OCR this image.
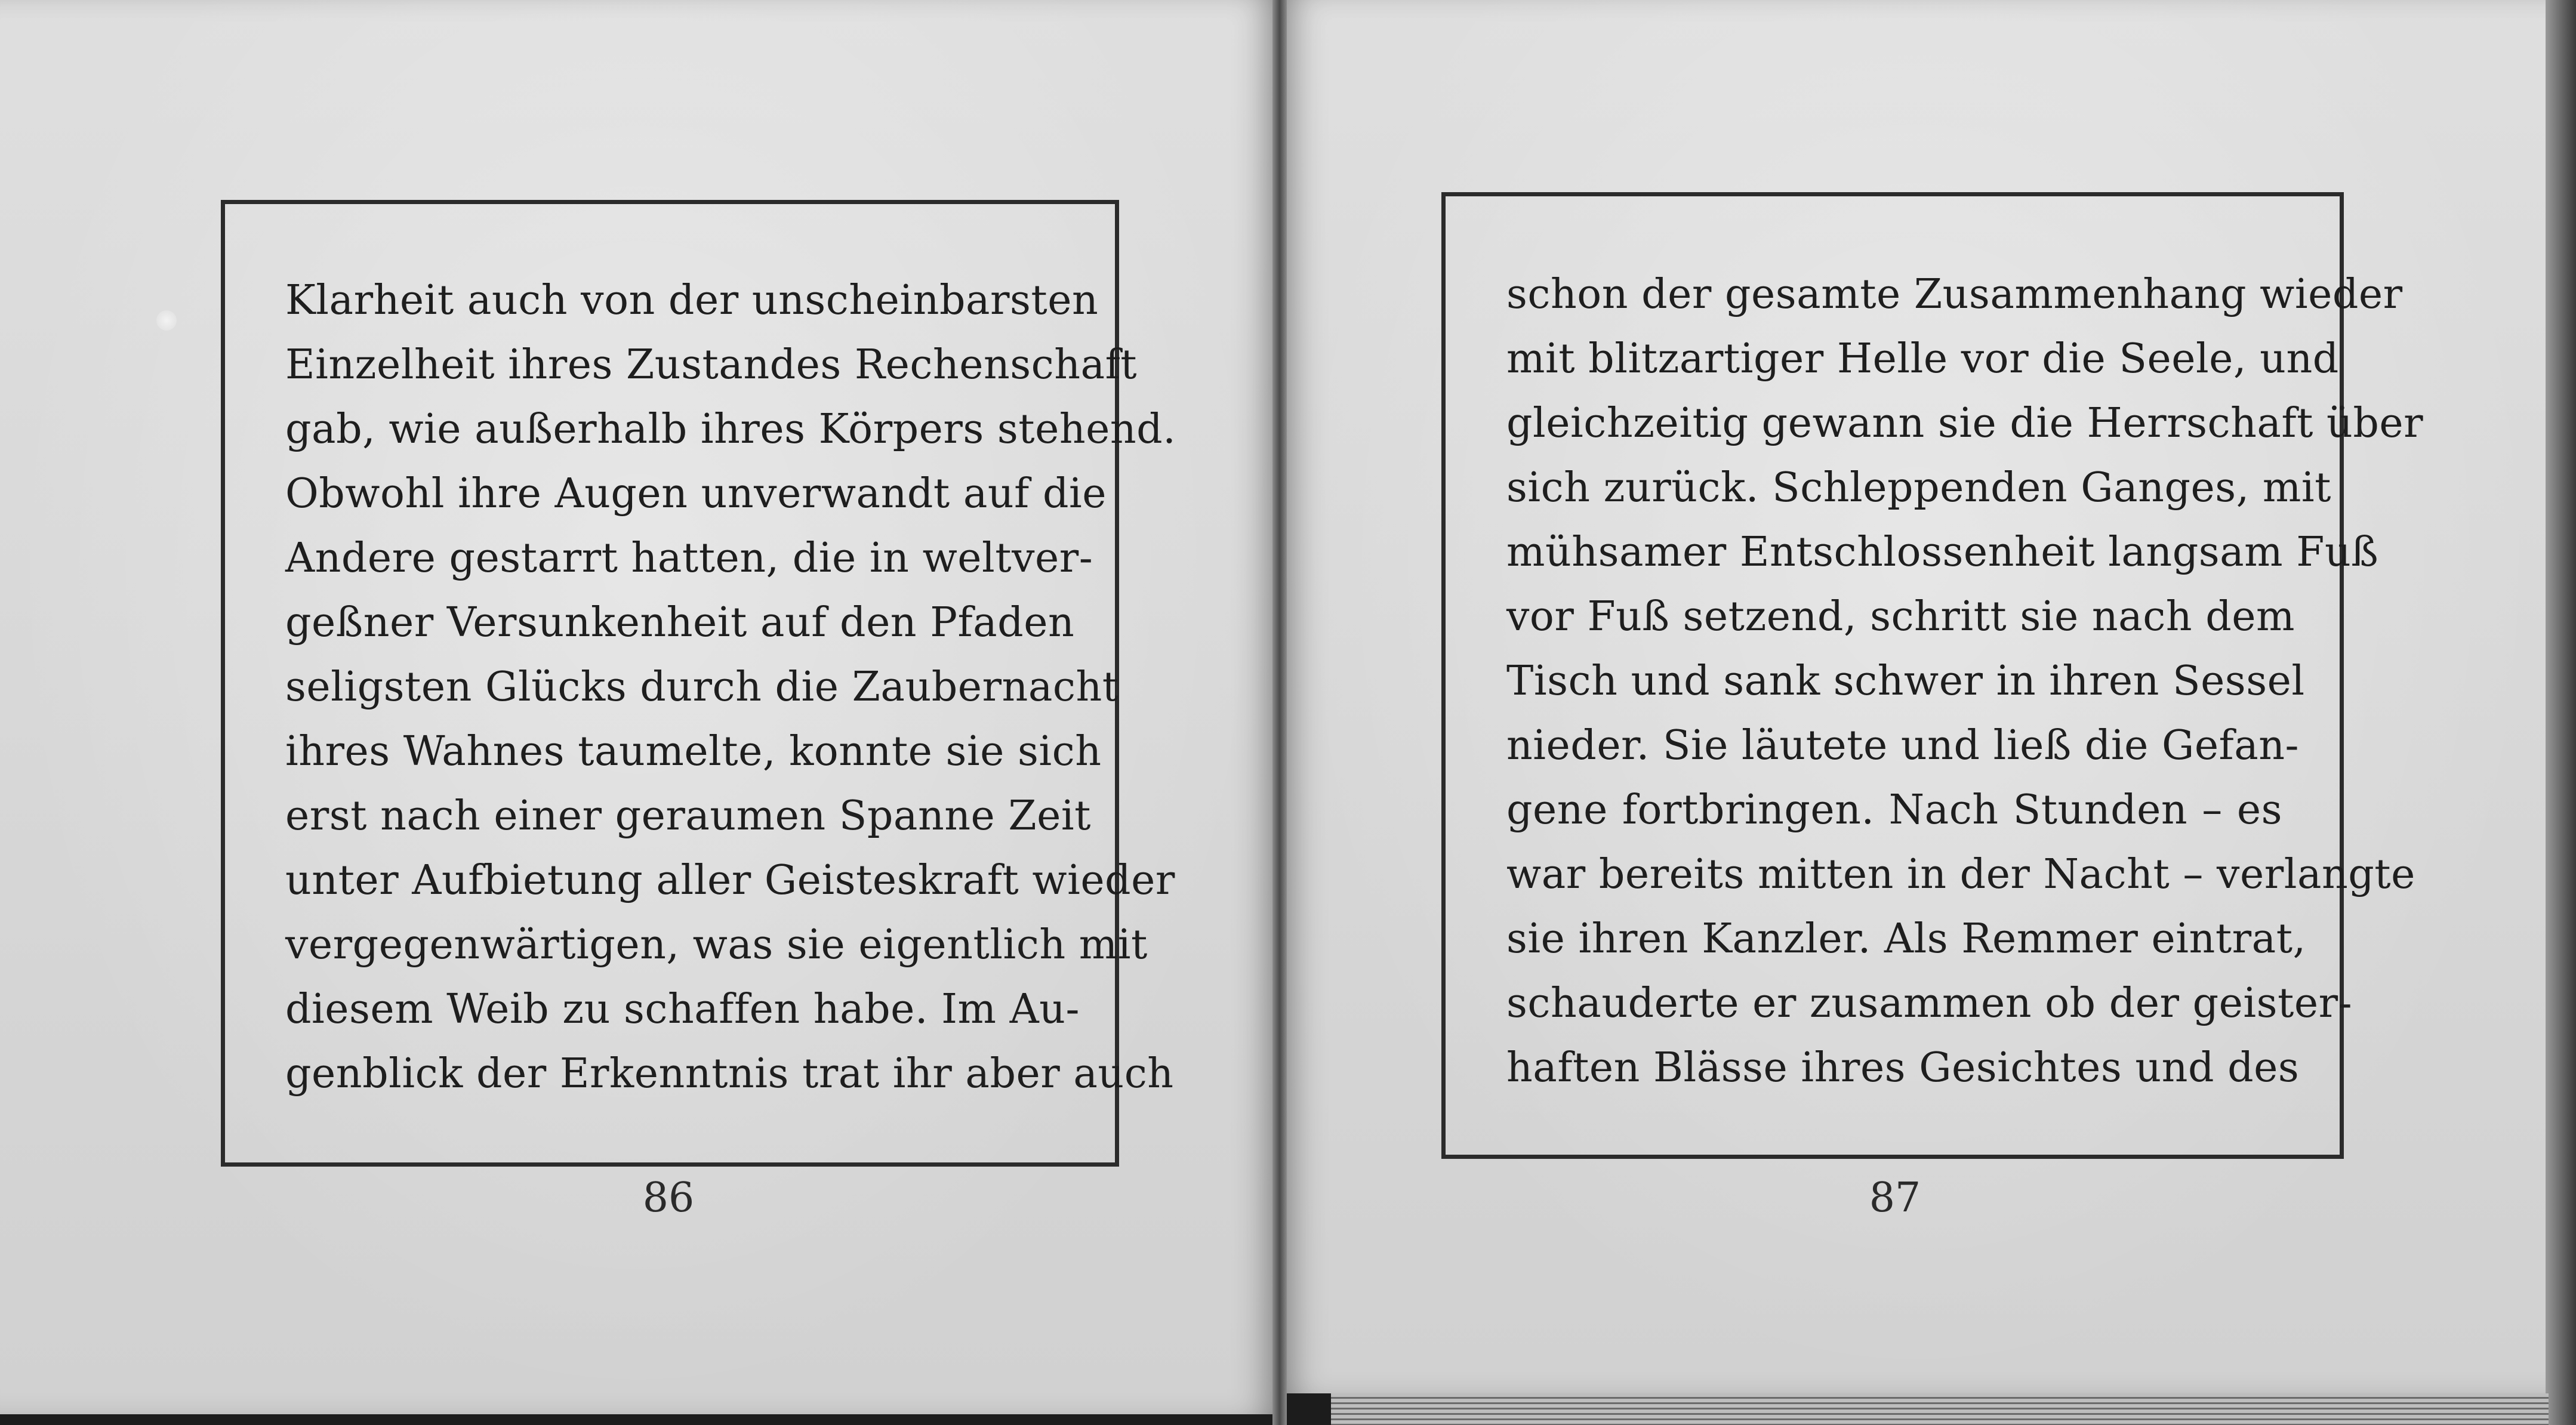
Klarheit auch von der unscheinbarsten
Einzelheit ihres Zustandes Rechenschaft
gab, wie außerhalb ihres Körpers stehend.
Obwohl ihre Augen unverwandt auf die
Andere gestarrt hatten, die in weltver-
geßner Versunkenheit auf den Pfaden
seligsten Glücks durch die Zaubernacht
ihres Wahnes taumelte, konnte sie sich
erst nach einer geraumen Spanne Zeit
unter Aufbietung aller Geisteskraft wieder
vergegenwärtigen, was sie eigentlich mit
diesem Weib zu schaffen habe. Im Au-
genblick der Erkenntnis trat ihr aber auch
schon der gesamte Zusammenhang wieder
mit blitzartiger Helle vor die Seele, und
gleichzeitig gewann sie die Herrschaft über
sich zurück. Schleppenden Ganges, mit
mühsamer Entschlossenheit langsam Fuß
vor Fuß setzend, schritt sie nach dem
Tisch und sank schwer in ihren Sessel
nieder. Sie läutete und ließ die Gefan-
gene fortbringen. Nach Stunden – es
war bereits mitten in der Nacht – verlangte
sie ihren Kanzler. Als Remmer eintrat,
schauderte er zusammen ob der geister-
haften Blässe ihres Gesichtes und des
86	87
